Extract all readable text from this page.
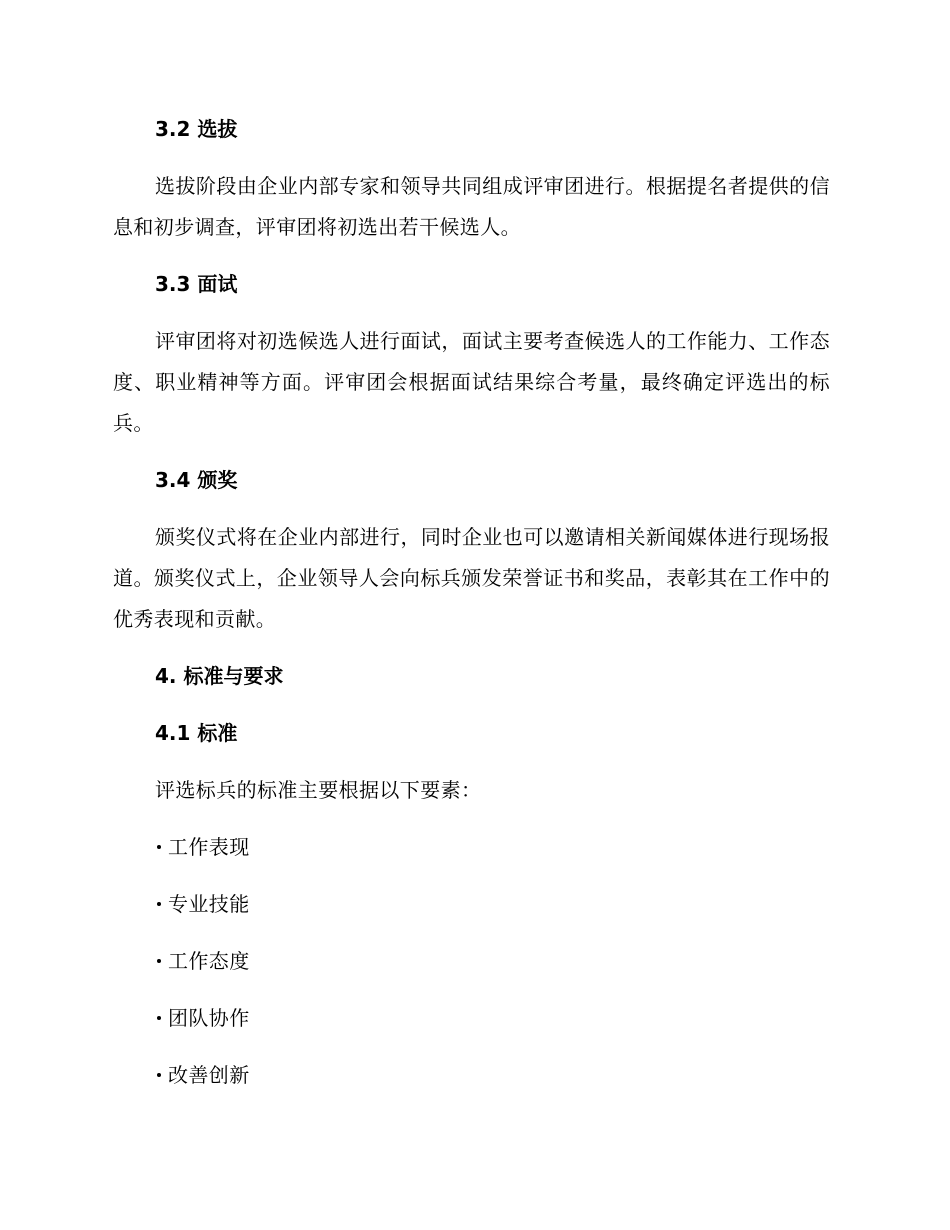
3.2 选拔

选拔阶段由企业内部专家和领导共同组成评审团进行。根据提名者提供的信息和初步调查，评审团将初选出若干候选人。

3.3 面试

评审团将对初选候选人进行面试，面试主要考查候选人的工作能力、工作态度、职业精神等方面。评审团会根据面试结果综合考量，最终确定评选出的标兵。

3.4 颁奖

颁奖仪式将在企业内部进行，同时企业也可以邀请相关新闻媒体进行现场报道。颁奖仪式上，企业领导人会向标兵颁发荣誉证书和奖品，表彰其在工作中的优秀表现和贡献。

4. 标准与要求
4.1 标准

评选标兵的标准主要根据以下要素：

工作表现
专业技能
工作态度
团队协作
改善创新
